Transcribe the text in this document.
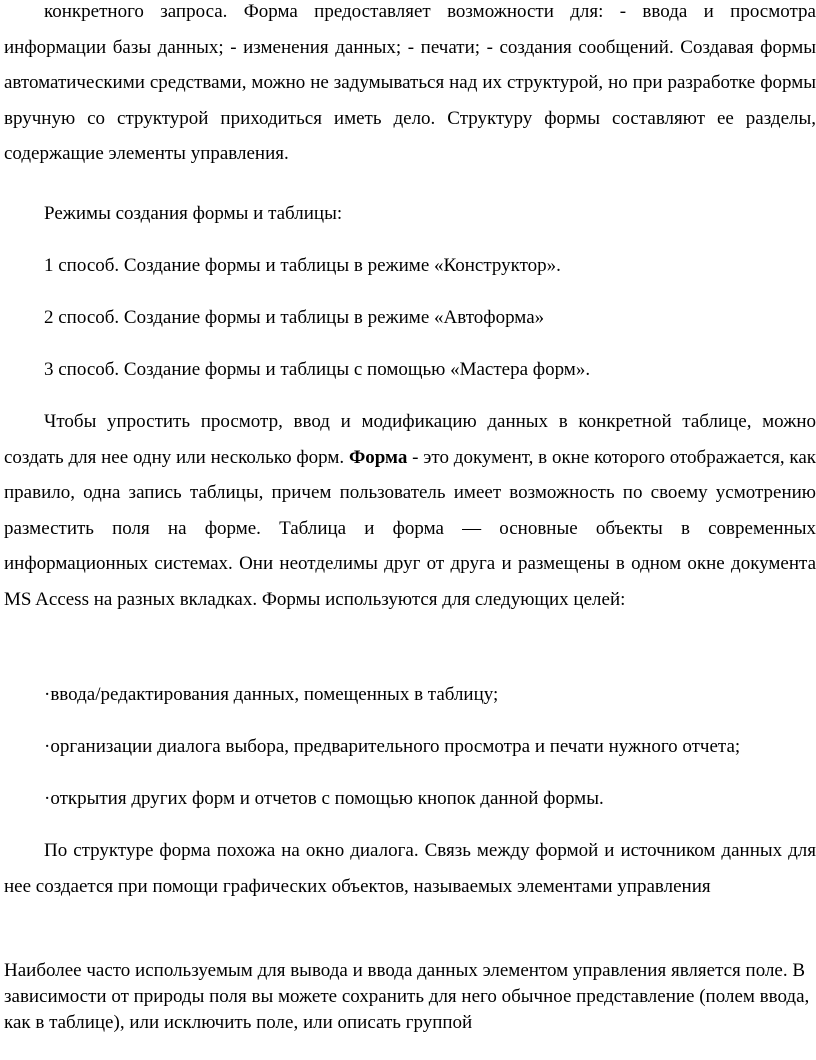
конкретного запроса. Форма предоставляет возможности для: - ввода и просмотра информации базы данных; - изменения данных; - печати; - создания сообщений. Создавая формы автоматическими средствами, можно не задумываться над их структурой, но при разработке формы вручную со структурой приходиться иметь дело. Структуру формы составляют ее разделы, содержащие элементы управления.

Режимы создания формы и таблицы:

1 способ. Создание формы и таблицы в режиме «Конструктор».

2 способ. Создание формы и таблицы в режиме «Автоформа»

3 способ. Создание формы и таблицы с помощью «Мастера форм».

Чтобы упростить просмотр, ввод и модификацию данных в конкретной таблице, можно создать для нее одну или несколько форм. Форма - это документ, в окне которого отображается, как правило, одна запись таблицы, причем пользователь имеет возможность по своему усмотрению разместить поля на форме. Таблица и форма — основные объекты в современных информационных системах. Они неотделимы друг от друга и размещены в одном окне документа MS Access на разных вкладках. Формы используются для следующих целей:

·ввода/редактирования данных, помещенных в таблицу;

·организации диалога выбора, предварительного просмотра и печати нужного отчета;

·открытия других форм и отчетов с помощью кнопок данной формы.

По структуре форма похожа на окно диалога. Связь между формой и источником данных для нее создается при помощи графических объектов, называемых элементами управления

Наиболее часто используемым для вывода и ввода данных элементом управления является поле. В зависимости от природы поля вы можете сохранить для него обычное представление (полем ввода, как в таблице), или исключить поле, или описать группой
